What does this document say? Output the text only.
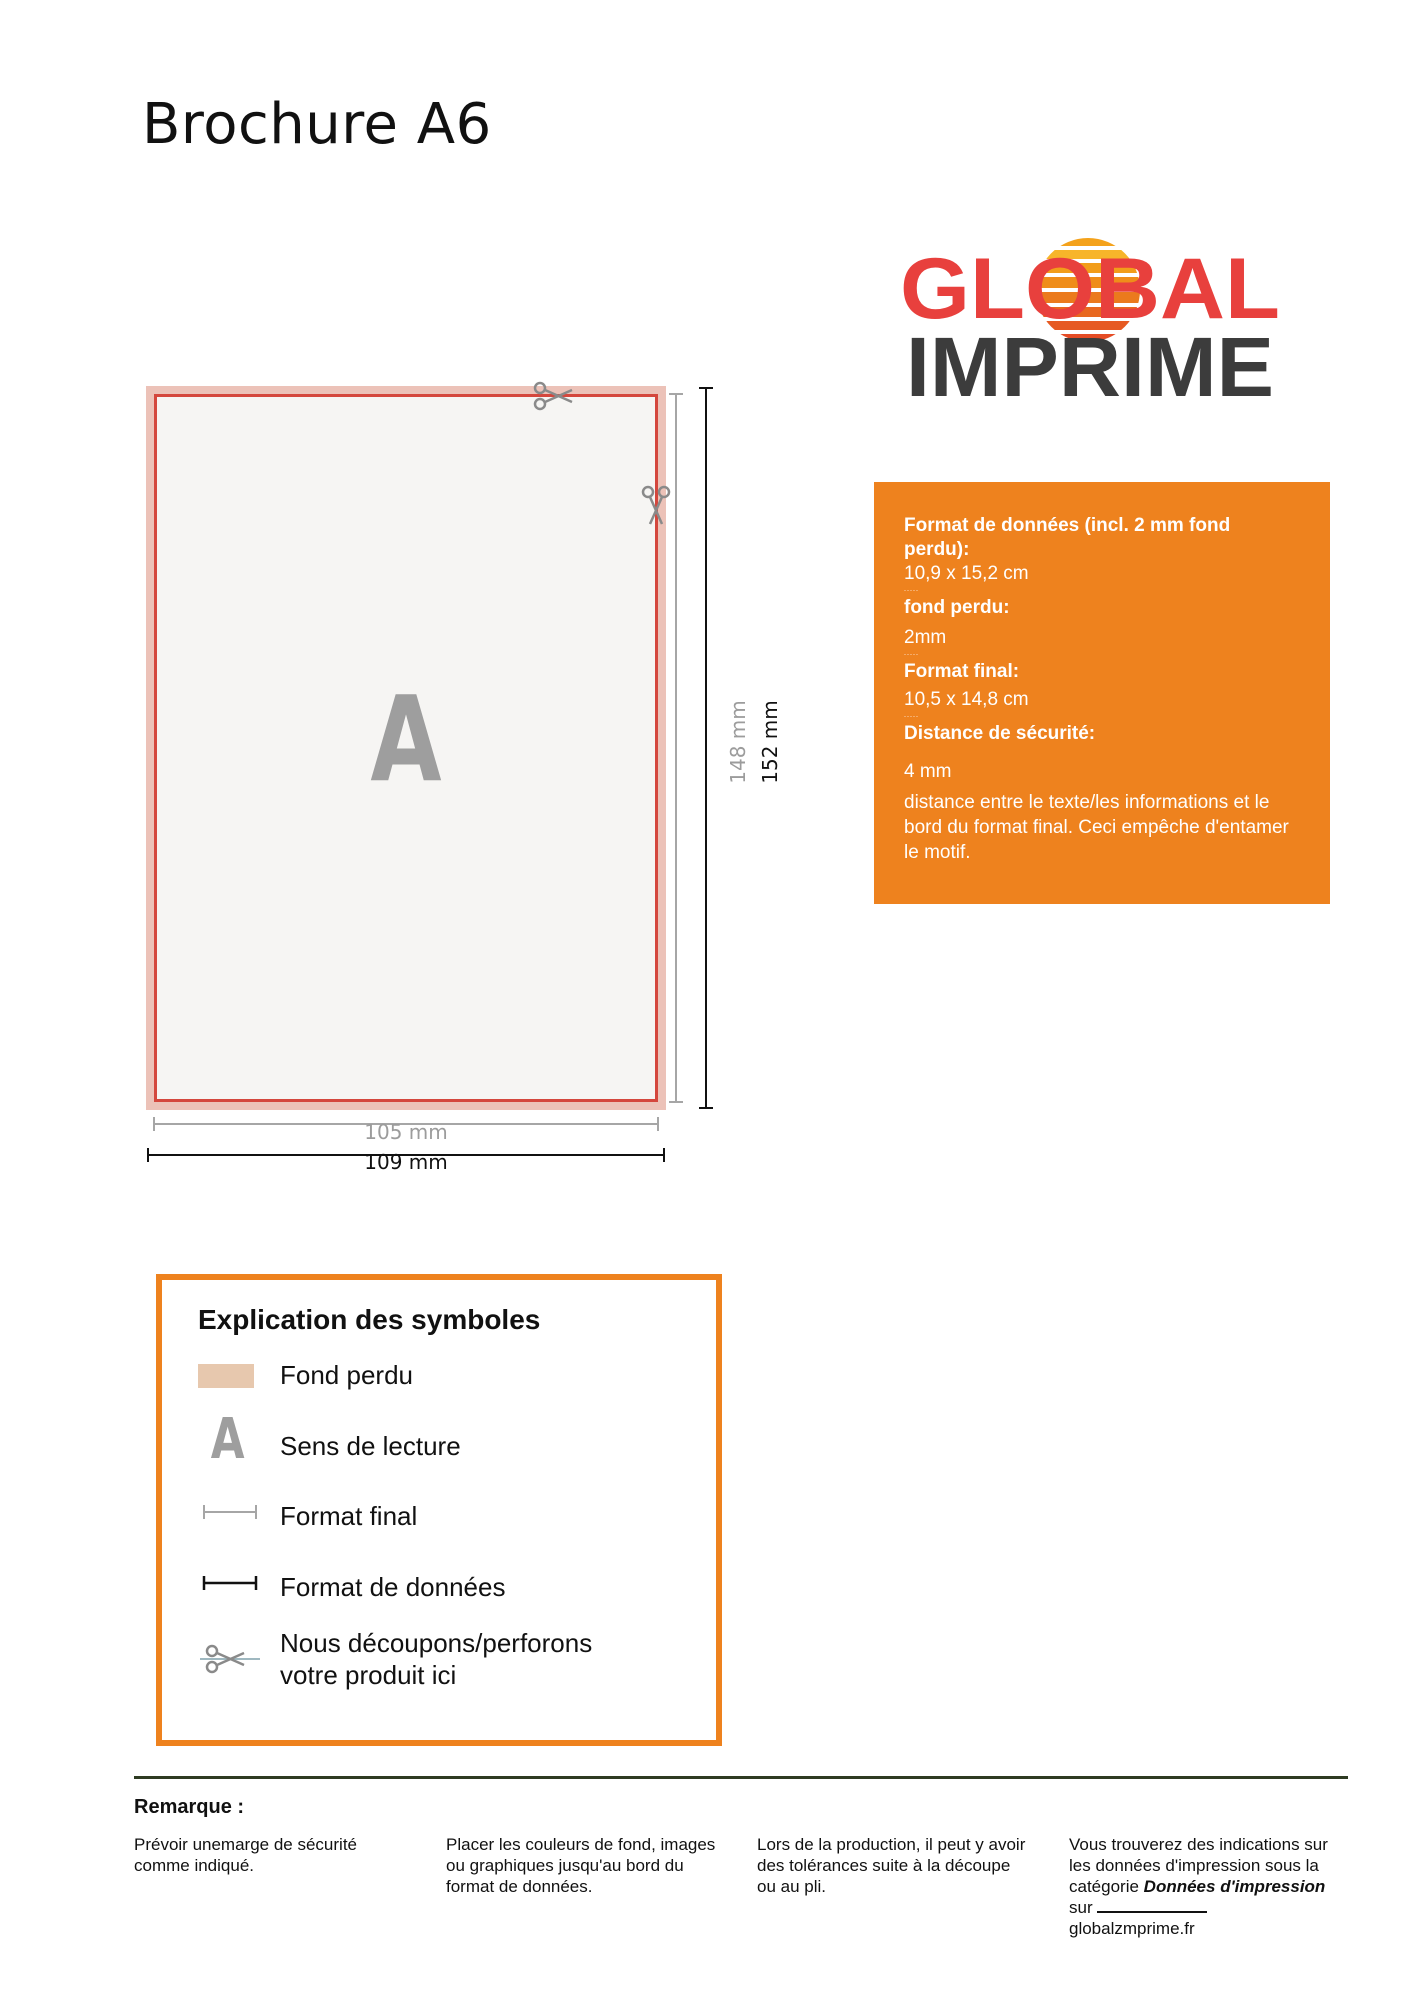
Brochure A6
GLOBAL
IMPRIME
Format de données (incl. 2 mm fond perdu):
10,9 x 15,2 cm
-----
fond perdu:
2mm
-----
Format final:
10,5 x 14,8 cm
-----
Distance de sécurité:
4 mm
distance entre le texte/les informations et le bord du format final. Ceci empêche d'entamer le motif.
A
105 mm
109 mm
148 mm 152 mm
Explication des symboles
Fond perdu
A Sens de lecture
Format final
Format de données
Nous découpons/perforons votre produit ici
Remarque :
Prévoir unemarge de sécurité comme indiqué.
Placer les couleurs de fond, images ou graphiques jusqu'au bord du format de données.
Lors de la production, il peut y avoir des tolérances suite à la découpe ou au pli.
Vous trouverez des indications sur les données d'impression sous la catégorie Données d'impression sur
globalzmprime.fr
